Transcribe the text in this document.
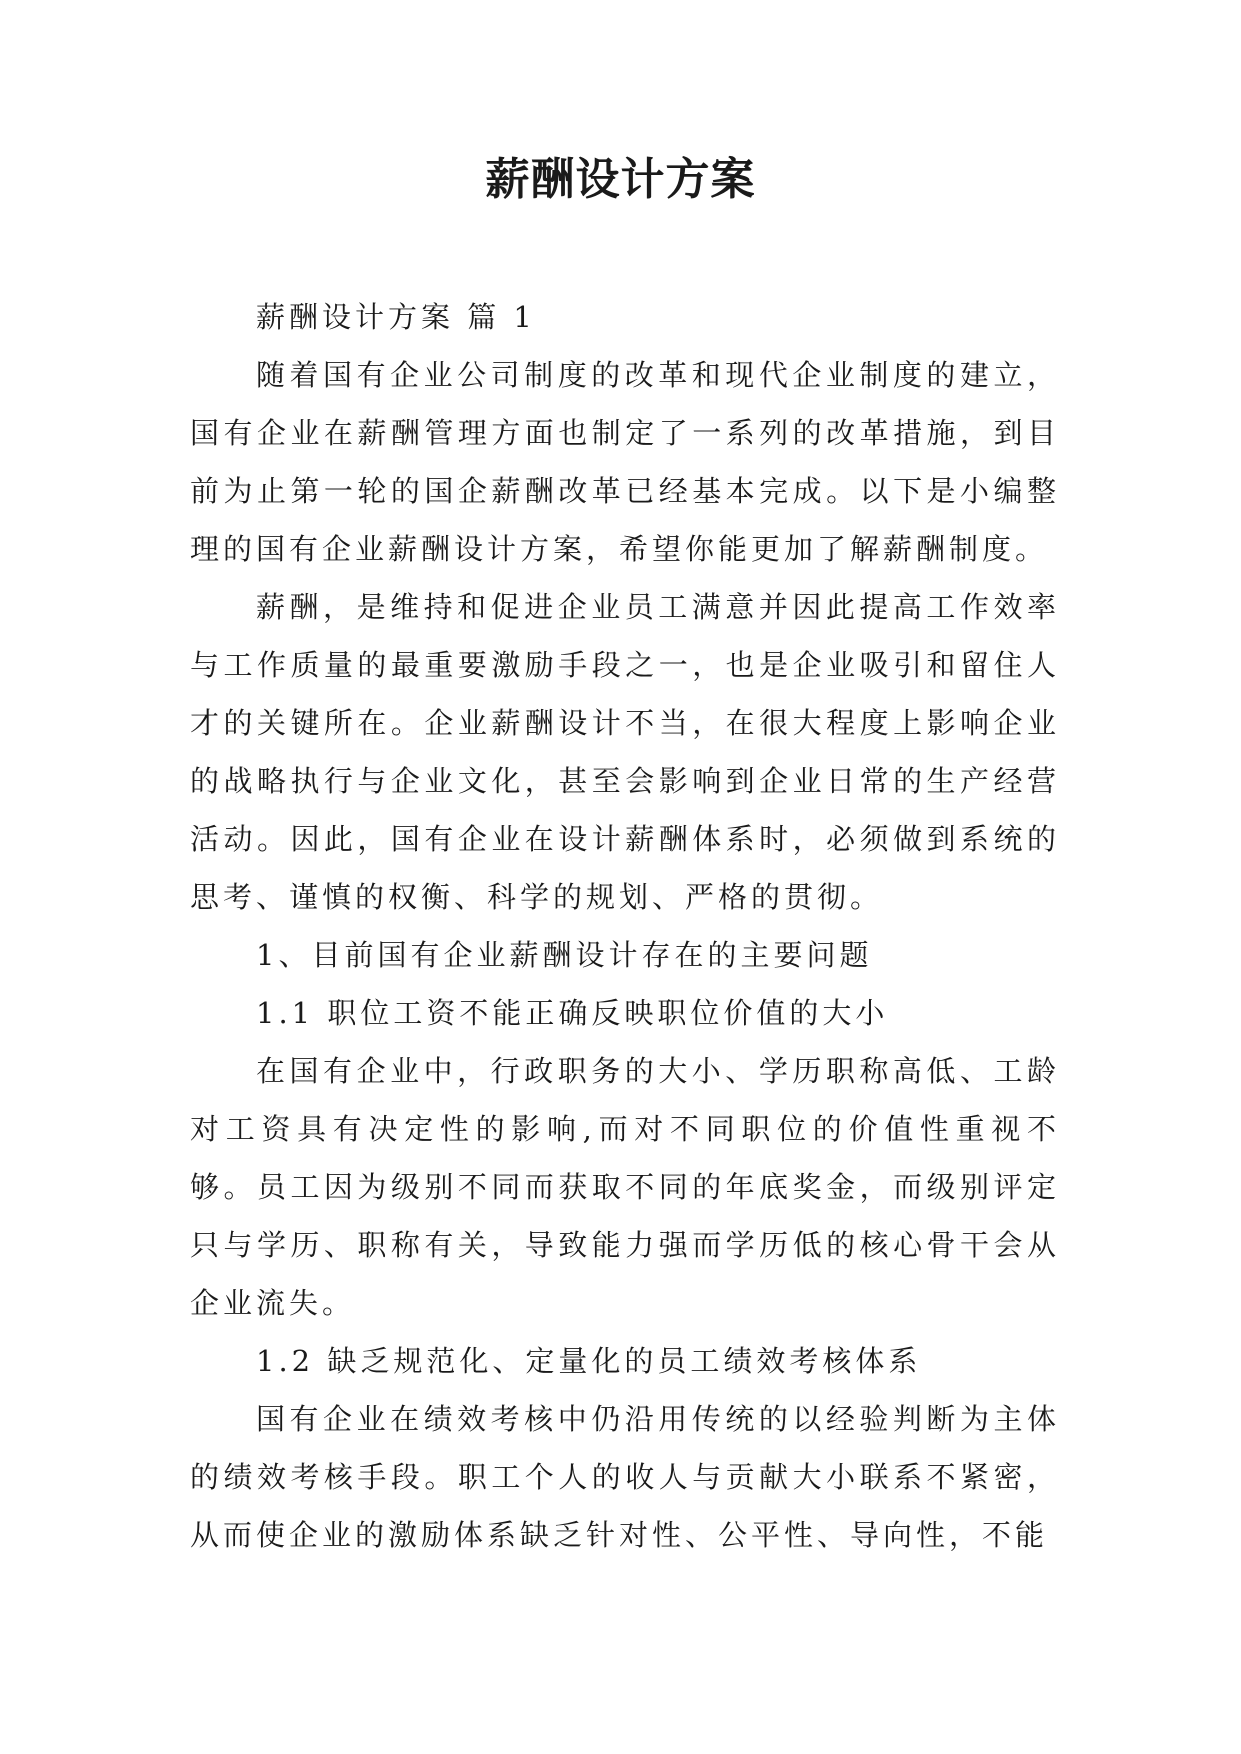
薪酬设计方案

薪酬设计方案 篇 1

随着国有企业公司制度的改革和现代企业制度的建立，国有企业在薪酬管理方面也制定了一系列的改革措施，到目前为止第一轮的国企薪酬改革已经基本完成。以下是小编整理的国有企业薪酬设计方案，希望你能更加了解薪酬制度。

薪酬，是维持和促进企业员工满意并因此提高工作效率与工作质量的最重要激励手段之一，也是企业吸引和留住人才的关键所在。企业薪酬设计不当，在很大程度上影响企业的战略执行与企业文化，甚至会影响到企业日常的生产经营活动。因此，国有企业在设计薪酬体系时，必须做到系统的思考、谨慎的权衡、科学的规划、严格的贯彻。

1、目前国有企业薪酬设计存在的主要问题

1.1 职位工资不能正确反映职位价值的大小

在国有企业中，行政职务的大小、学历职称高低、工龄对工资具有决定性的影响,而对不同职位的价值性重视不够。员工因为级别不同而获取不同的年底奖金，而级别评定只与学历、职称有关，导致能力强而学历低的核心骨干会从企业流失。

1.2 缺乏规范化、定量化的员工绩效考核体系

国有企业在绩效考核中仍沿用传统的以经验判断为主体的绩效考核手段。职工个人的收人与贡献大小联系不紧密，从而使企业的激励体系缺乏针对性、公平性、导向性，不能
